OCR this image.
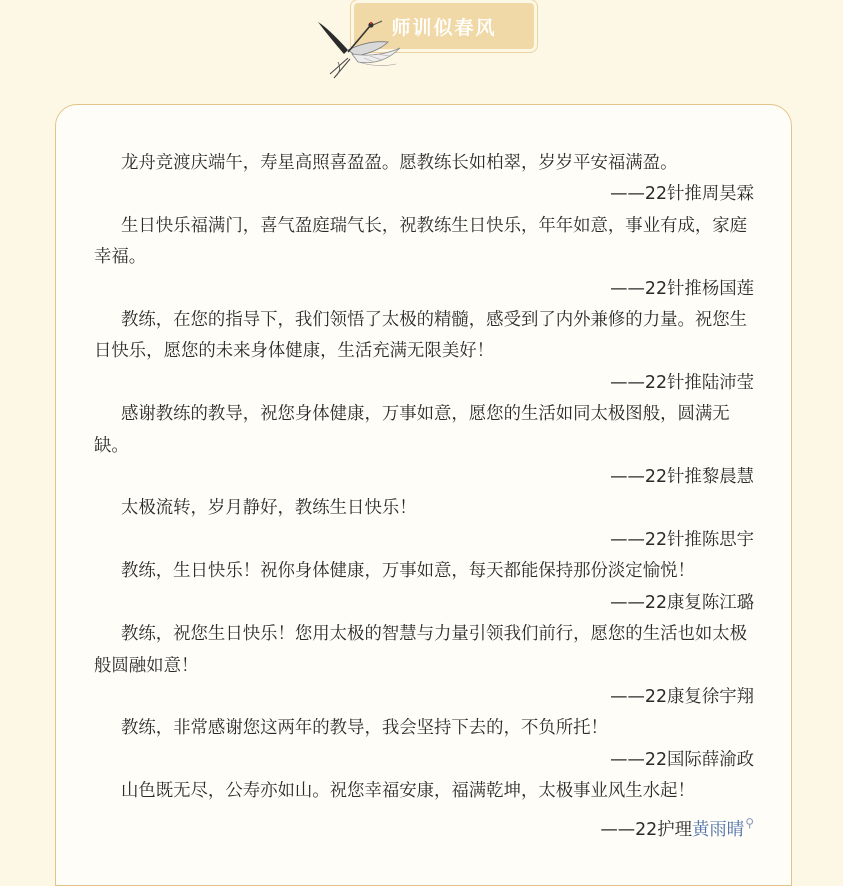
师训似春风

龙舟竞渡庆端午，寿星高照喜盈盈。愿教练长如柏翠，岁岁平安福满盈。

——22针推周昊霖

生日快乐福满门，喜气盈庭瑞气长，祝教练生日快乐，年年如意，事业有成，家庭幸福。

——22针推杨国莲

教练，在您的指导下，我们领悟了太极的精髓，感受到了内外兼修的力量。祝您生日快乐，愿您的未来身体健康，生活充满无限美好！

——22针推陆沛莹

感谢教练的教导，祝您身体健康，万事如意，愿您的生活如同太极图般，圆满无缺。

——22针推黎晨慧

太极流转，岁月静好，教练生日快乐！

——22针推陈思宇

教练，生日快乐！祝你身体健康，万事如意，每天都能保持那份淡定愉悦！

——22康复陈江璐

教练，祝您生日快乐！您用太极的智慧与力量引领我们前行，愿您的生活也如太极般圆融如意！

——22康复徐宇翔

教练，非常感谢您这两年的教导，我会坚持下去的，不负所托！

——22国际薛渝政

山色既无尽，公寿亦如山。祝您幸福安康，福满乾坤，太极事业风生水起！

——22护理黄雨晴⚲
